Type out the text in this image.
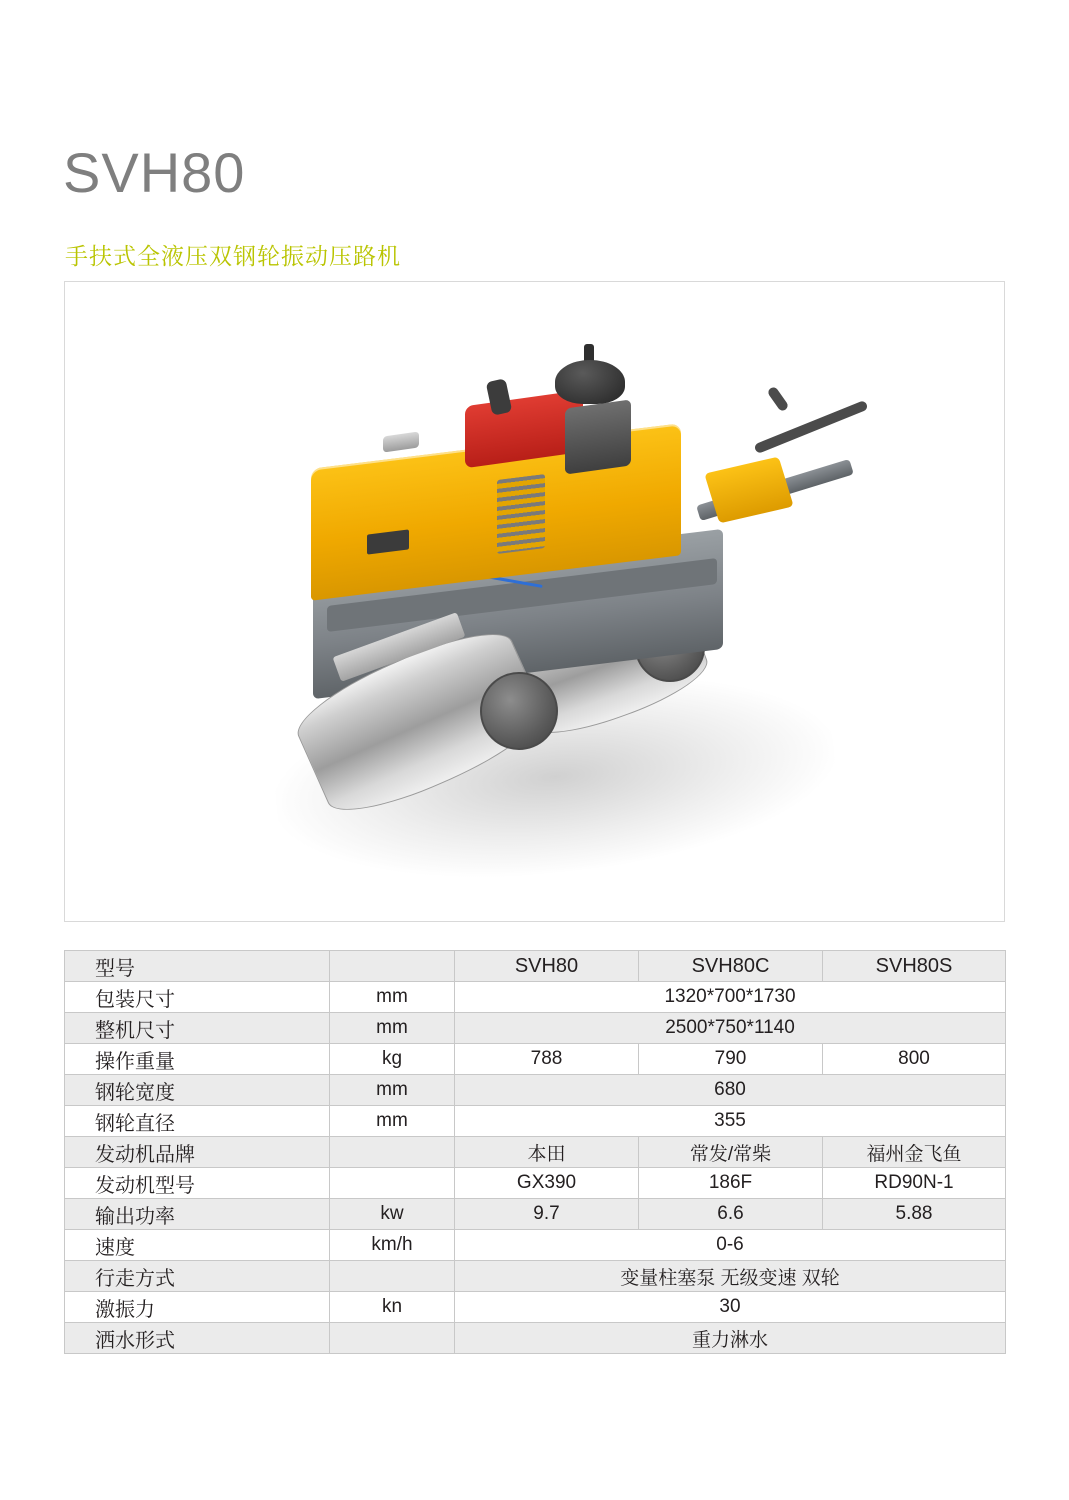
SVH80
手扶式全液压双钢轮振动压路机
型号		SVH80	SVH80C	SVH80S
包装尺寸	mm	1320*700*1730		
整机尺寸	mm	2500*750*1140		
操作重量	kg	788	790	800
钢轮宽度	mm	680		
钢轮直径	mm	355		
发动机品牌		本田	常发/常柴	福州金飞鱼
发动机型号		GX390	186F	RD90N-1
输出功率	kw	9.7	6.6	5.88
速度	km/h	0-6		
行走方式		变量柱塞泵 无级变速 双轮		
激振力	kn	30		
洒水形式		重力淋水		
